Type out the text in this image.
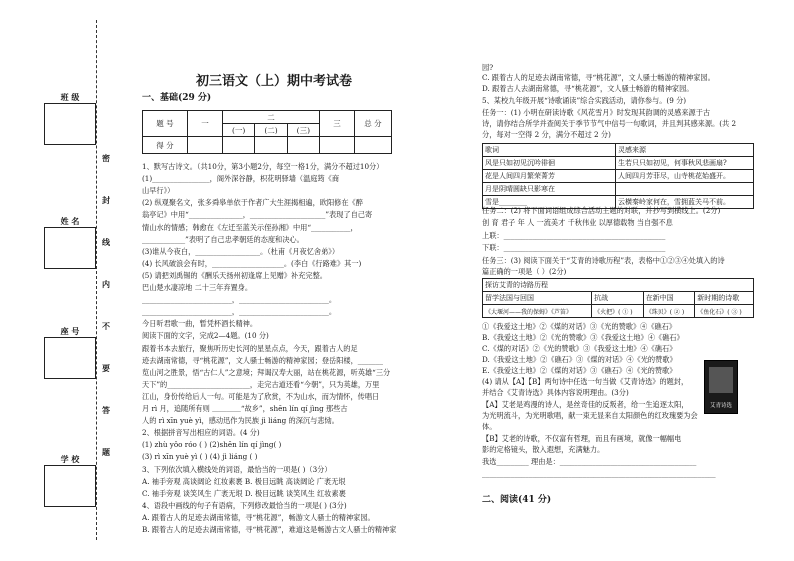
班 级
姓 名
座 号
学 校
密
封
线
内
不
要
答
题
初三语文（上）期中考试卷
一、基础(29 分)
题 号	一	二			三	总 分
		(一)	(二)	(三)		
得 分						
1、默写古诗文。（共10分，第3小题2分，每空一格1分，满分不超过10分）
(1)________________，阁外深谷静，枳花明驿墙（温庭筠《商
山早行》）
(2) 纵观聚名文，张多舜皋单依于作者广大生涯揭相遍，欧阳修在《醉
翁亭记》中用“_______________，_____________________”表现了自己寄
情山水的情感；韩愈在《左迁至蓝关示侄孙湘》中用“___________，
____________”表明了自己忠孝朝廷的态度和决心。
(3)谁从今夜白，__________________。（杜甫《月夜忆舍弟》）
(4) 长风破浪会有时，____________________。(李白《行路难》其一)
(5) 请把刘禹锡的《酬乐天扬州初逢席上见赠》补充完整。
巴山楚水凄凉地 二十三年弃置身。
_________________________，_________________________。
_________________________，_________________________。
今日听君歌一曲，暂凭杯酒长精神。
阅读下面的文字，完成2—4题。(10 分)
跟着书本去旅行，聚焦听历史长河的星星点点，今天，跟着古人的足
迹去湖南常德，寻“桃花源”，文人骚士畅游的精神家园；登岳阳楼，_______
览山河之胜景，悟“古仁人”之意境；拜谒汉寿大丽，站在桃花源，听英雄“三分
天下”的_______________________，走完古道还看“今朝”，只为英雄，万里
江山，身份传给后人一句。可能是为了欣赏，不为山水，而为情怀，传唱日
月 rì 月，追随所有则 ＿＿＿＿“故乡”，shēn lín qí jìng 那些古
人的 rì xīn yuè yì，感动迅作为民族 jì liáng 的深沉与悲恸。
2、根据拼音写出相应的词语。(4 分)
(1) zhù yǒo róo ( ) (2)shēn lín qí jìng( )
(3) rì xīn yuè yì ( ) (4) jì liáng ( )
3、下列依次填入横线处的词语，最恰当的一项是( )（3分）
A. 袖手旁观 高谈阔论 红妆素裹 B. 极目远眺 高谈阔论 广袤无垠
C. 袖手旁观 谈笑风生 广袤无垠 D. 极目远眺 谈笑风生 红妆素裹
4、语段中画线的句子有语病，下列修改最恰当的一项是( ) (3分)
A. 跟着古人的足迹去湖南常德，寻“桃花源”，畅游文人骚士的精神家园。
B. 跟着古人的足迹去湖南常德，寻“桃花源”，难道这是畅游古文人骚士的精神家
园?
C. 跟着古人的足迹去湖南常德，寻“桃花源”，文人骚士畅游的精神家园。
D. 跟着古人去湖南常德，寻“桃花源”，文人骚士畅游的精神家园。
5、某校九年级开展“诗歌诵读”综合实践活动，请你参与。(9 分)
任务一：(1) 小明在研读诗歌《风花雪月》时发现其韵调的灵感来源于古
诗，请你结合所学并查阅关于季节节气中信号一句歌词，并且判其感来源。(共 2
分，每对一空得 2 分，满分不超过 2 分)
歌词	灵感来源
风是只如初见沉吟徘徊	生若只只如初见，何事秋风悲画扇?
花是人间四月繁荣菁芳	人间四月芳菲尽，山寺桃花始盛开。
月是阴晴圆缺只影寒在	
雪是________	云横秦岭家何在，雪拥蓝关马不前。
任务二：(2) 将下面词语组成综合活动主题的对联，并抄写到横线上。(2分)
创 育 君子 年 人 一流美才 千秋伟业 以厚德载物 当自强不息
上联：_____________________________________________
下联：_____________________________________________
任务三：(3) 阅读下面关于“艾青的诗歌历程”表，表格中①②③④处填入的诗
篇正确的一项是（ ）(2分)
探访艾青的诗路历程			
留学法国与回国	抗战	在新中国	新时期的诗歌
《大堰河——我的保姆》《芦笛》	《火把》( ① )	《珠贝》( ② )	《鱼化石》( ③ )
①《我爱这土地》②《煤的对话》③《光的赞歌》④《礁石》
B.《我爱这土地》②《光的赞歌》③《我爱这土地》④《礁石》
C.《煤的对话》②《光的赞歌》③《我爱这土地》④《礁石》
D.《我爱这土地》②《礁石》③《煤的对话》④《光的赞歌》
E.《我爱这土地》②《煤的对话》③《礁石》④《光的赞歌》
(4) 请从【A】【B】两句诗中任选一句当做《艾青诗选》的题封，
并结合《艾青诗选》具体内容说明理由。(3分)
【A】艾老是鸡漫的诗人，是丝奇佳的反叛者，给一生追逐太阳，
为光明流斗，为光明歌唱，献一束无显来自太阳颜色的红玫瑰要为会
体。
【B】艾老的诗歌，不仅富有哲理，而且有画境，就像一幅幅电
影的定格镜头，散入遐想，充满魅力。
我选_________ 理由是：______________________________________
_________________________________________________________________
二、阅读(41 分)
艾青诗选
